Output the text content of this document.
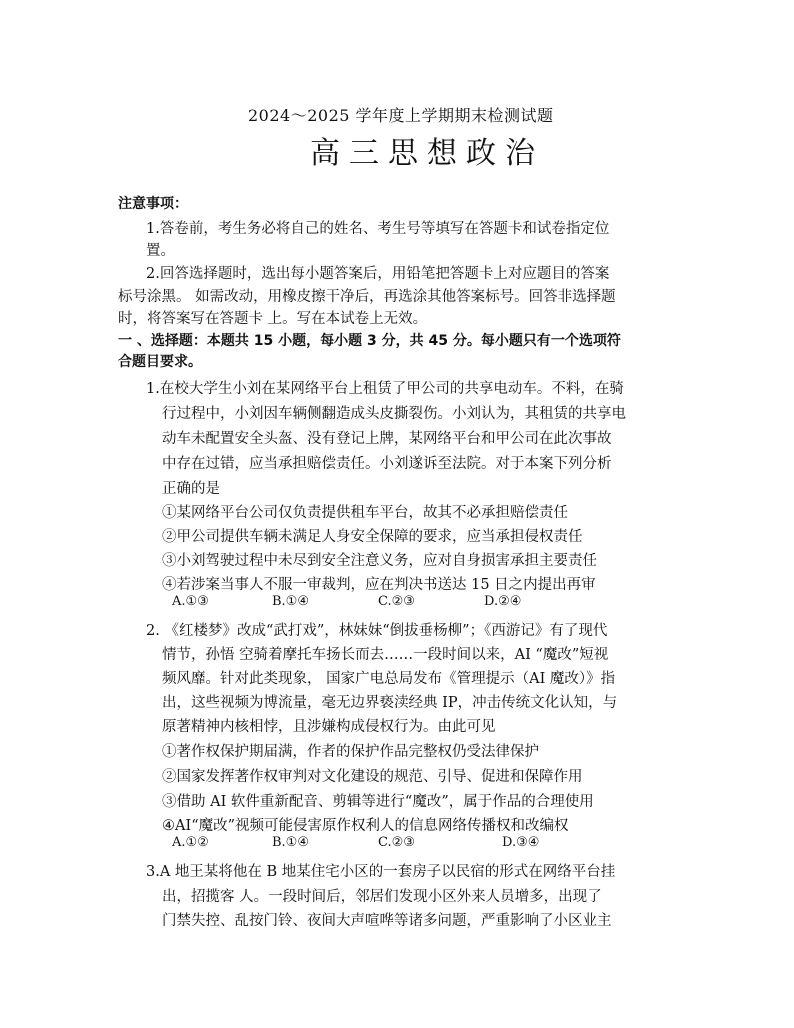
2024～2025 学年度上学期期末检测试题
高三思想政治
注意事项：
1.答卷前，考生务必将自己的姓名、考生号等填写在答题卡和试卷指定位
置。
2.回答选择题时，选出每小题答案后，用铅笔把答题卡上对应题目的答案
标号涂黑。 如需改动，用橡皮擦干净后，再选涂其他答案标号。回答非选择题
时，将答案写在答题卡 上。写在本试卷上无效。
一 、选择题：本题共 15 小题，每小题 3 分，共 45 分。每小题只有一个选项符
合题目要求。
1.在校大学生小刘在某网络平台上租赁了甲公司的共享电动车。不料，在骑
行过程中，小刘因车辆侧翻造成头皮撕裂伤。小刘认为，其租赁的共享电
动车未配置安全头盔、没有登记上牌，某网络平台和甲公司在此次事故
中存在过错，应当承担赔偿责任。小刘遂诉至法院。对于本案下列分析
正确的是
①某网络平台公司仅负责提供租车平台，故其不必承担赔偿责任
②甲公司提供车辆未满足人身安全保障的要求，应当承担侵权责任
③小刘驾驶过程中未尽到安全注意义务，应对自身损害承担主要责任
④若涉案当事人不服一审裁判，应在判决书送达 15 日之内提出再审
A.①③	B.①④	C.②③	D.②④
2. 《红楼梦》改成“武打戏”，林妹妹“倒拔垂杨柳”；《西游记》有了现代
情节，孙悟 空骑着摩托车扬长而去……一段时间以来，AI “魔改”短视
频风靡。针对此类现象， 国家广电总局发布《管理提示（AI 魔改）》指
出，这些视频为博流量，毫无边界亵渎经典 IP，冲击传统文化认知，与
原著精神内核相悖，且涉嫌构成侵权行为。由此可见
①著作权保护期届满，作者的保护作品完整权仍受法律保护
②国家发挥著作权审判对文化建设的规范、引导、促进和保障作用
③借助 AI 软件重新配音、剪辑等进行“魔改”，属于作品的合理使用
④AI“魔改”视频可能侵害原作权利人的信息网络传播权和改编权
A.①②	B.①④	C.②③	D.③④
3.A 地王某将他在 B 地某住宅小区的一套房子以民宿的形式在网络平台挂
出，招揽客 人。一段时间后，邻居们发现小区外来人员增多，出现了
门禁失控、乱按门铃、夜间大声喧哗等诸多问题，严重影响了小区业主
